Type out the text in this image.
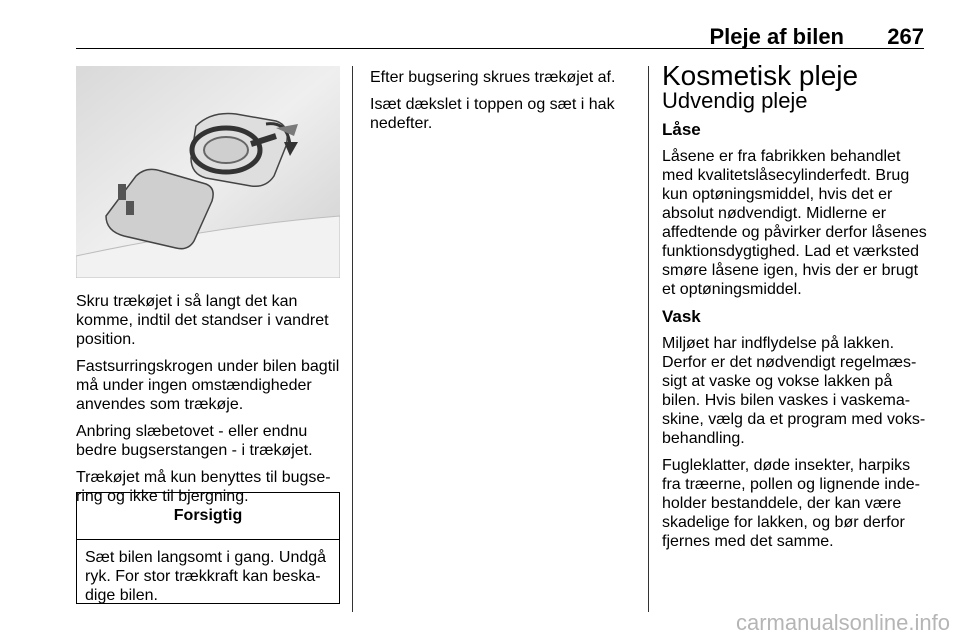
Pleje af bilen 267

Skru trækøjet i så langt det kan komme, indtil det standser i vandret position.

Fastsurringskrogen under bilen bagtil må under ingen omstændigheder anvendes som trækøje.

Anbring slæbetovet - eller endnu bedre bugserstangen - i trækøjet.

Trækøjet må kun benyttes til bugse-ring og ikke til bjergning.

Forsigtig
Sæt bilen langsomt i gang. Undgå ryk. For stor trækkraft kan beska-dige bilen.

Efter bugsering skrues trækøjet af.

Isæt dækslet i toppen og sæt i hak nedefter.

Kosmetisk pleje
Udvendig pleje
Låse

Låsene er fra fabrikken behandlet med kvalitetslåsecylinderfedt. Brug kun optøningsmiddel, hvis det er absolut nødvendigt. Midlerne er affedtende og påvirker derfor låsenes funktionsdygtighed. Lad et værksted smøre låsene igen, hvis der er brugt et optøningsmiddel.

Vask

Miljøet har indflydelse på lakken. Derfor er det nødvendigt regelmæs-sigt at vaske og vokse lakken på bilen. Hvis bilen vaskes i vaskema-skine, vælg da et program med voks-behandling.

Fugleklatter, døde insekter, harpiks fra træerne, pollen og lignende inde-holder bestanddele, der kan være skadelige for lakken, og bør derfor fjernes med det samme.

carmanualsonline.info
